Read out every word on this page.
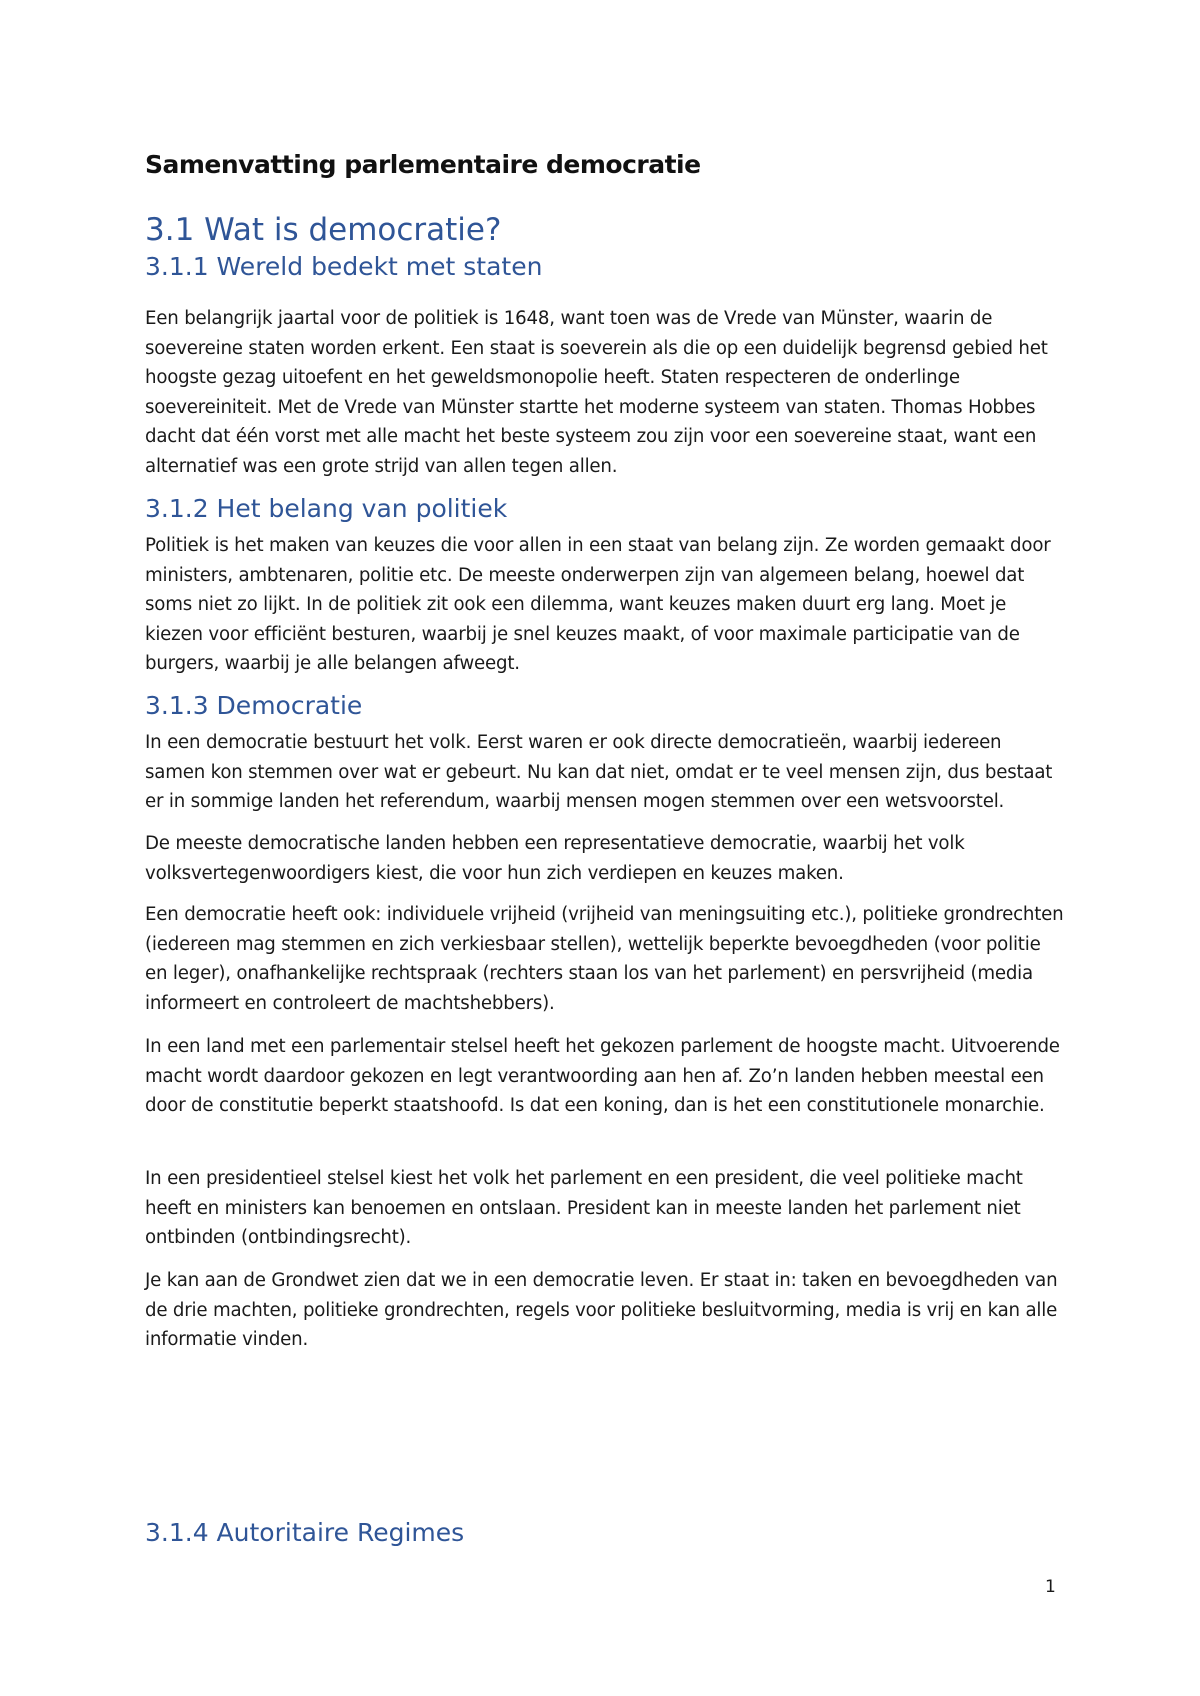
Samenvatting parlementaire democratie
3.1 Wat is democratie?
3.1.1 Wereld bedekt met staten

Een belangrijk jaartal voor de politiek is 1648, want toen was de Vrede van Münster, waarin de soevereine staten worden erkent. Een staat is soeverein als die op een duidelijk begrensd gebied het hoogste gezag uitoefent en het geweldsmonopolie heeft. Staten respecteren de onderlinge soevereiniteit. Met de Vrede van Münster startte het moderne systeem van staten. Thomas Hobbes dacht dat één vorst met alle macht het beste systeem zou zijn voor een soevereine staat, want een alternatief was een grote strijd van allen tegen allen.

3.1.2 Het belang van politiek

Politiek is het maken van keuzes die voor allen in een staat van belang zijn. Ze worden gemaakt door ministers, ambtenaren, politie etc. De meeste onderwerpen zijn van algemeen belang, hoewel dat soms niet zo lijkt. In de politiek zit ook een dilemma, want keuzes maken duurt erg lang. Moet je kiezen voor efficiënt besturen, waarbij je snel keuzes maakt, of voor maximale participatie van de burgers, waarbij je alle belangen afweegt.

3.1.3 Democratie

In een democratie bestuurt het volk. Eerst waren er ook directe democratieën, waarbij iedereen samen kon stemmen over wat er gebeurt. Nu kan dat niet, omdat er te veel mensen zijn, dus bestaat er in sommige landen het referendum, waarbij mensen mogen stemmen over een wetsvoorstel.

De meeste democratische landen hebben een representatieve democratie, waarbij het volk volksvertegenwoordigers kiest, die voor hun zich verdiepen en keuzes maken.

Een democratie heeft ook: individuele vrijheid (vrijheid van meningsuiting etc.), politieke grondrechten (iedereen mag stemmen en zich verkiesbaar stellen), wettelijk beperkte bevoegdheden (voor politie en leger), onafhankelijke rechtspraak (rechters staan los van het parlement) en persvrijheid (media informeert en controleert de machtshebbers).

In een land met een parlementair stelsel heeft het gekozen parlement de hoogste macht. Uitvoerende macht wordt daardoor gekozen en legt verantwoording aan hen af. Zo’n landen hebben meestal een door de constitutie beperkt staatshoofd. Is dat een koning, dan is het een constitutionele monarchie.

In een presidentieel stelsel kiest het volk het parlement en een president, die veel politieke macht heeft en ministers kan benoemen en ontslaan. President kan in meeste landen het parlement niet ontbinden (ontbindingsrecht).

Je kan aan de Grondwet zien dat we in een democratie leven. Er staat in: taken en bevoegdheden van de drie machten, politieke grondrechten, regels voor politieke besluitvorming, media is vrij en kan alle informatie vinden.

3.1.4 Autoritaire Regimes
1
